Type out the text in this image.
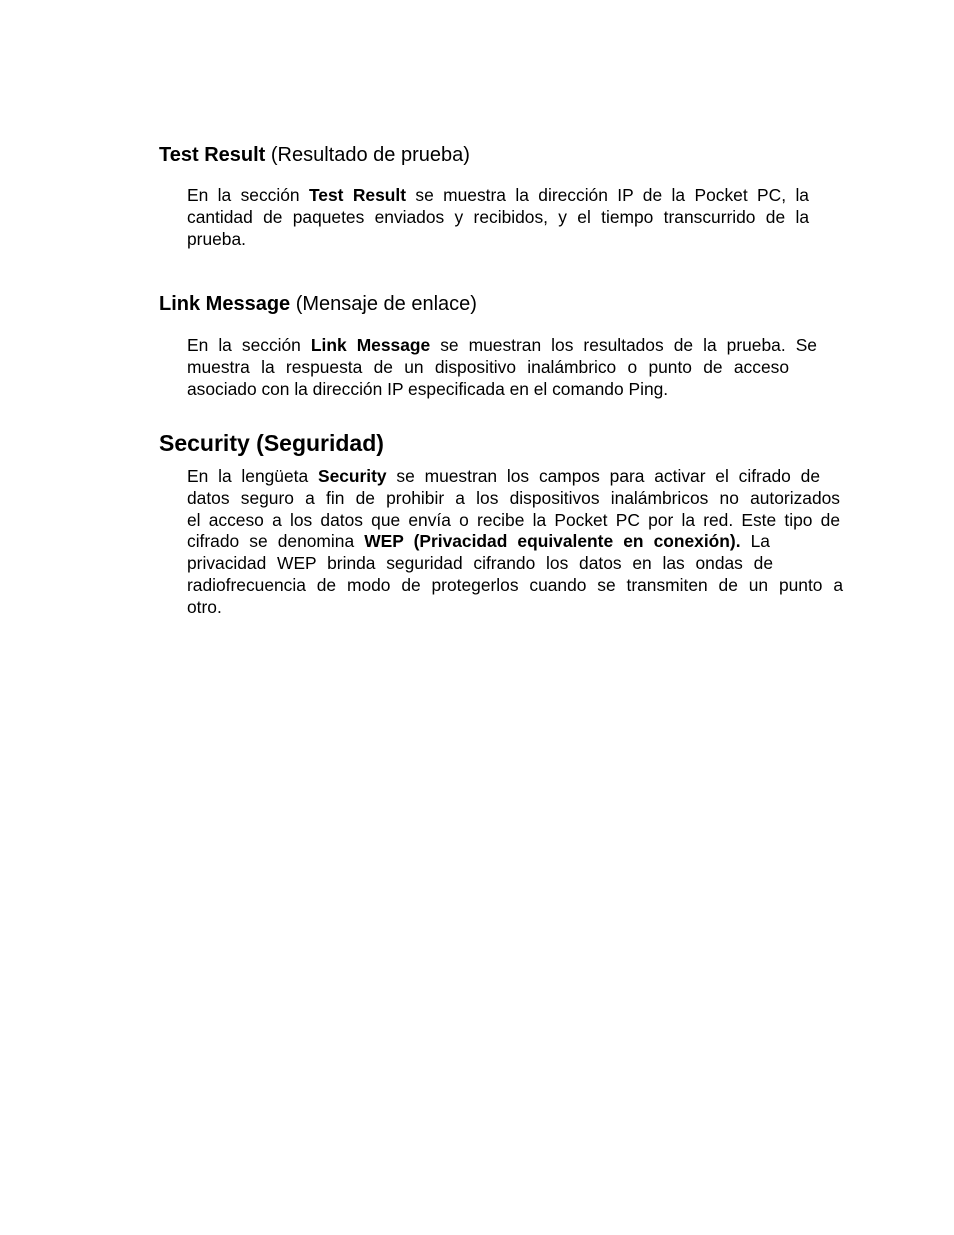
Test Result (Resultado de prueba)

En la sección Test Result se muestra la dirección IP de la Pocket PC, la
cantidad de paquetes enviados y recibidos, y el tiempo transcurrido de la
prueba.

Link Message (Mensaje de enlace)

En la sección Link Message se muestran los resultados de la prueba. Se
muestra la respuesta de un dispositivo inalámbrico o punto de acceso
asociado con la dirección IP especificada en el comando Ping.

Security (Seguridad)

En la lengüeta Security se muestran los campos para activar el cifrado de
datos seguro a fin de prohibir a los dispositivos inalámbricos no autorizados
el acceso a los datos que envía o recibe la Pocket PC por la red. Este tipo de
cifrado se denomina WEP (Privacidad equivalente en conexión). La
privacidad WEP brinda seguridad cifrando los datos en las ondas de
radiofrecuencia de modo de protegerlos cuando se transmiten de un punto a
otro.
